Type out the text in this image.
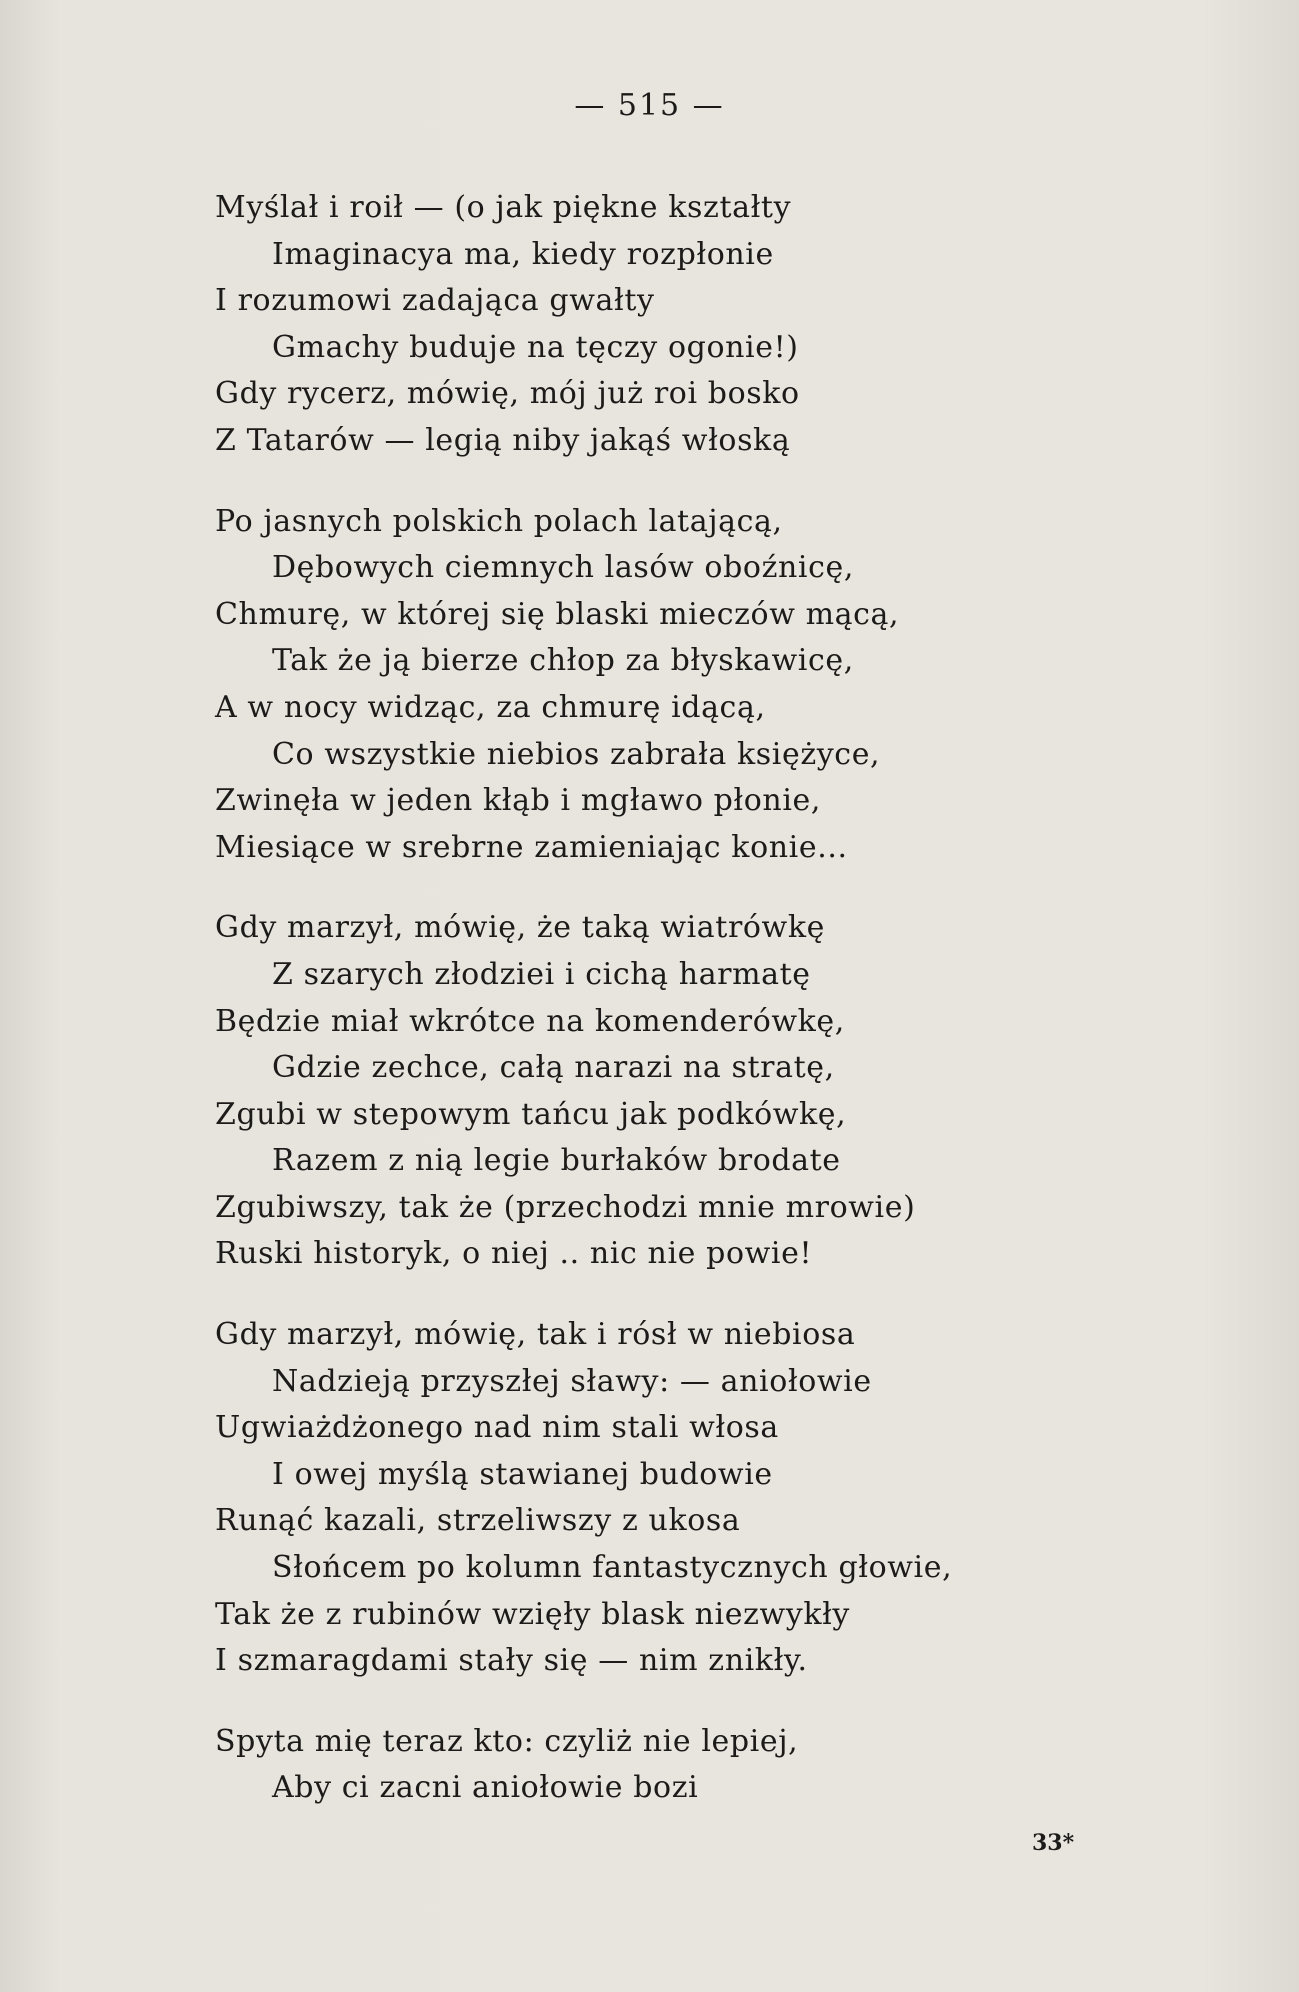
— 515 —
Myślał i roił — (o jak piękne kształty
Imaginacya ma, kiedy rozpłonie
I rozumowi zadająca gwałty
Gmachy buduje na tęczy ogonie!)
Gdy rycerz, mówię, mój już roi bosko
Z Tatarów — legią niby jakąś włoską
Po jasnych polskich polach latającą,
Dębowych ciemnych lasów oboźnicę,
Chmurę, w której się blaski mieczów mącą,
Tak że ją bierze chłop za błyskawicę,
A w nocy widząc, za chmurę idącą,
Co wszystkie niebios zabrała księżyce,
Zwinęła w jeden kłąb i mgławo płonie,
Miesiące w srebrne zamieniając konie...
Gdy marzył, mówię, że taką wiatrówkę
Z szarych złodziei i cichą harmatę
Będzie miał wkrótce na komenderówkę,
Gdzie zechce, całą narazi na stratę,
Zgubi w stepowym tańcu jak podkówkę,
Razem z nią legie burłaków brodate
Zgubiwszy, tak że (przechodzi mnie mrowie)
Ruski historyk, o niej .. nic nie powie!
Gdy marzył, mówię, tak i rósł w niebiosa
Nadzieją przyszłej sławy: — aniołowie
Ugwiażdżonego nad nim stali włosa
I owej myślą stawianej budowie
Runąć kazali, strzeliwszy z ukosa
Słońcem po kolumn fantastycznych głowie,
Tak że z rubinów wzięły blask niezwykły
I szmaragdami stały się — nim znikły.
Spyta mię teraz kto: czyliż nie lepiej,
Aby ci zacni aniołowie bozi
33*
